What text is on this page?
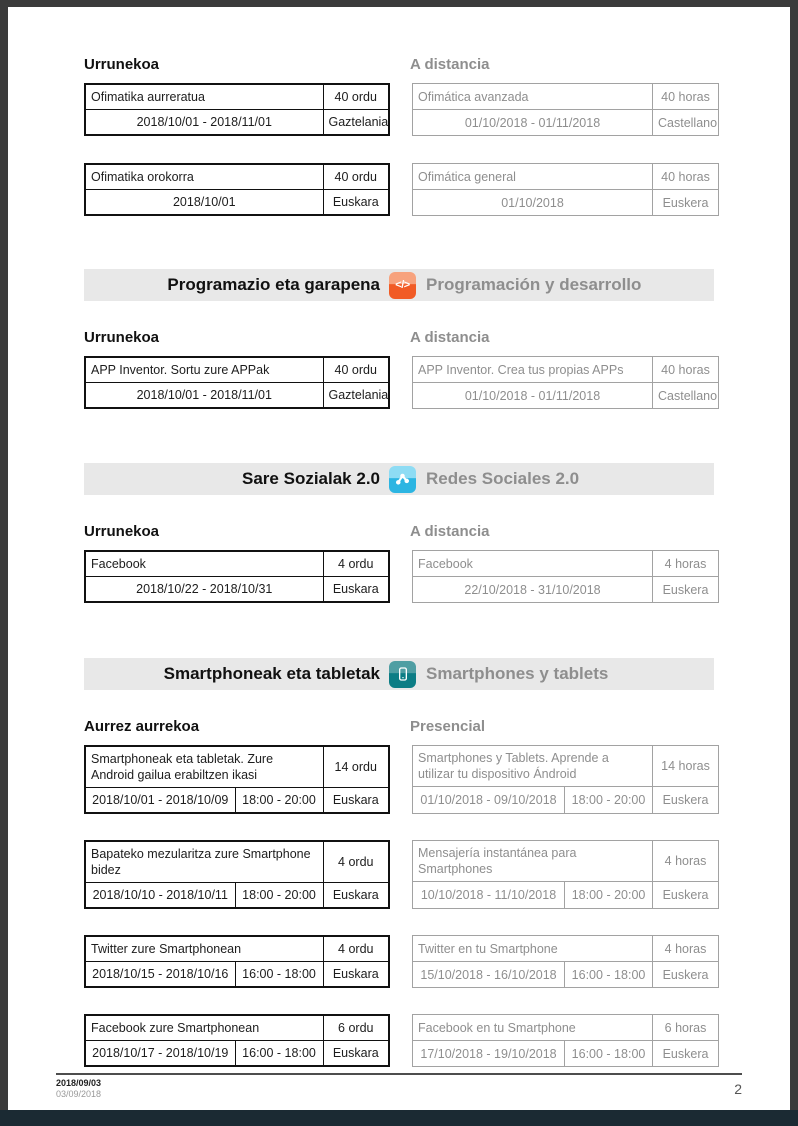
Urrunekoa	A distancia
Ofimatika aurreratua	40 ordu
2018/10/01 - 2018/11/01	Gaztelania
Ofimática avanzada	40 horas
01/10/2018 - 01/11/2018	Castellano
Ofimatika orokorra	40 ordu
2018/10/01	Euskara
Ofimática general	40 horas
01/10/2018	Euskera
Programazio eta garapena	</> Programación y desarrollo
Urrunekoa	A distancia
APP Inventor. Sortu zure APPak	40 ordu
2018/10/01 - 2018/11/01	Gaztelania
APP Inventor. Crea tus propias APPs	40 horas
01/10/2018 - 01/11/2018	Castellano
Sare Sozialak 2.0	Redes Sociales 2.0
Urrunekoa	A distancia
Facebook	4 ordu
2018/10/22 - 2018/10/31	Euskara
Facebook	4 horas
22/10/2018 - 31/10/2018	Euskera
Smartphoneak eta tabletak	Smartphones y tablets
Aurrez aurrekoa	Presencial
Smartphoneak eta tabletak. Zure Android gailua erabiltzen ikasi		14 ordu
2018/10/01 - 2018/10/09	18:00 - 20:00	Euskara
Smartphones y Tablets. Aprende a utilizar tu dispositivo Ándroid		14 horas
01/10/2018 - 09/10/2018	18:00 - 20:00	Euskera
Bapateko mezularitza zure Smartphone bidez		4 ordu
2018/10/10 - 2018/10/11	18:00 - 20:00	Euskara
Mensajería instantánea para Smartphones		4 horas
10/10/2018 - 11/10/2018	18:00 - 20:00	Euskera
Twitter zure Smartphonean		4 ordu
2018/10/15 - 2018/10/16	16:00 - 18:00	Euskara
Twitter en tu Smartphone		4 horas
15/10/2018 - 16/10/2018	16:00 - 18:00	Euskera
Facebook zure Smartphonean		6 ordu
2018/10/17 - 2018/10/19	16:00 - 18:00	Euskara
Facebook en tu Smartphone		6 horas
17/10/2018 - 19/10/2018	16:00 - 18:00	Euskera
2018/09/03
03/09/2018	2
